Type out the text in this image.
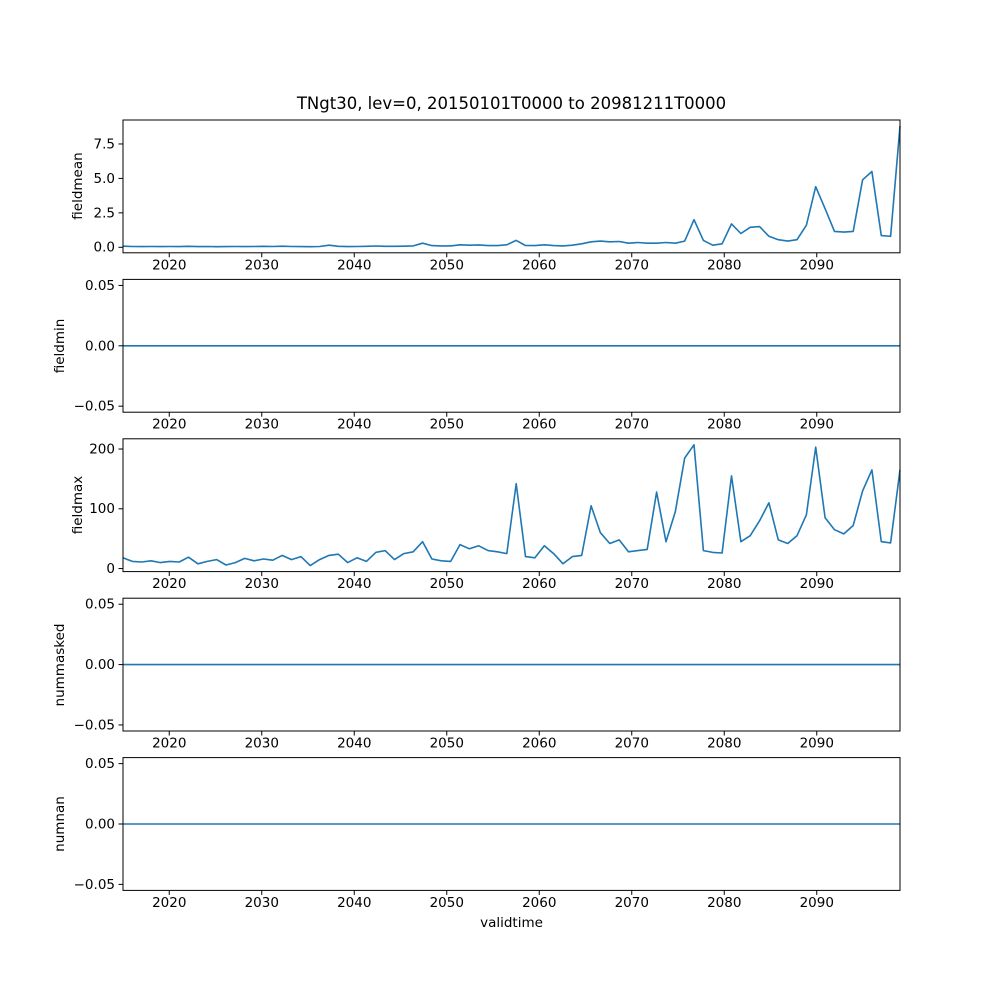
TNgt30, lev=0, 20150101T0000 to 20981211T0000
fieldmean
fieldmin
fieldmax
nummasked
numnan
0.0
2.5
5.0
7.5
2020	2030	2040	2050	2060	2070	2080	2090
−0.05
0.00
0.05
2020	2030	2040	2050	2060	2070	2080	2090
0
100
200
2020	2030	2040	2050	2060	2070	2080	2090
−0.05
0.00
0.05
2020	2030	2040	2050	2060	2070	2080	2090
−0.05
0.00
0.05
2020	2030	2040	2050	2060	2070	2080	2090
validtime
